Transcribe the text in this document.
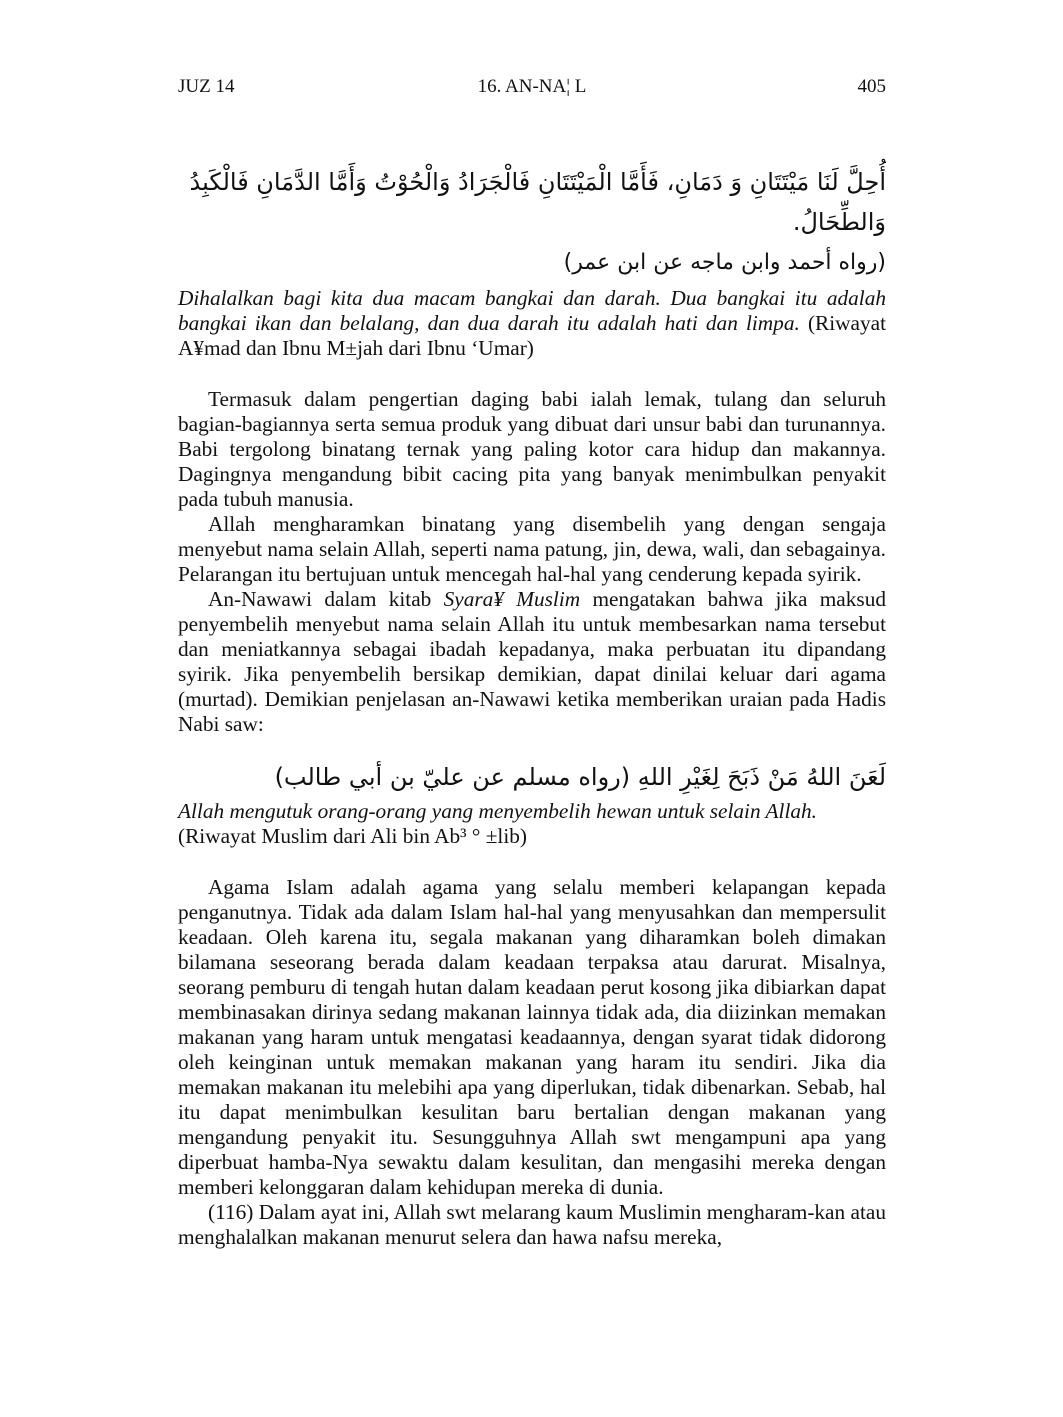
JUZ 14	16. AN-NA¦ L	405
أُحِلَّ لَنَا مَيْتَتَانِ وَ دَمَانِ، فَأَمَّا الْمَيْتَتَانِ فَالْجَرَادُ وَالْحُوْتُ وَأَمَّا الدَّمَانِ فَالْكَبِدُ وَالطِّحَالُ.
(رواه أحمد وابن ماجه عن ابن عمر)

Dihalalkan bagi kita dua macam bangkai dan darah. Dua bangkai itu adalah bangkai ikan dan belalang, dan dua darah itu adalah hati dan limpa. (Riwayat A¥mad dan Ibnu M±jah dari Ibnu ‘Umar)

Termasuk dalam pengertian daging babi ialah lemak, tulang dan seluruh bagian-bagiannya serta semua produk yang dibuat dari unsur babi dan turunannya. Babi tergolong binatang ternak yang paling kotor cara hidup dan makannya. Dagingnya mengandung bibit cacing pita yang banyak menimbulkan penyakit pada tubuh manusia.

Allah mengharamkan binatang yang disembelih yang dengan sengaja menyebut nama selain Allah, seperti nama patung, jin, dewa, wali, dan sebagainya. Pelarangan itu bertujuan untuk mencegah hal-hal yang cenderung kepada syirik.

An-Nawawi dalam kitab Syara¥ Muslim mengatakan bahwa jika maksud penyembelih menyebut nama selain Allah itu untuk membesarkan nama tersebut dan meniatkannya sebagai ibadah kepadanya, maka perbuatan itu dipandang syirik. Jika penyembelih bersikap demikian, dapat dinilai keluar dari agama (murtad). Demikian penjelasan an-Nawawi ketika memberikan uraian pada Hadis Nabi saw:

لَعَنَ اللهُ مَنْ ذَبَحَ لِغَيْرِ اللهِ (رواه مسلم عن عليّ بن أبي طالب)

Allah mengutuk orang-orang yang menyembelih hewan untuk selain Allah.
(Riwayat Muslim dari Ali bin Ab³ ° ±lib)

Agama Islam adalah agama yang selalu memberi kelapangan kepada penganutnya. Tidak ada dalam Islam hal-hal yang menyusahkan dan mempersulit keadaan. Oleh karena itu, segala makanan yang diharamkan boleh dimakan bilamana seseorang berada dalam keadaan terpaksa atau darurat. Misalnya, seorang pemburu di tengah hutan dalam keadaan perut kosong jika dibiarkan dapat membinasakan dirinya sedang makanan lainnya tidak ada, dia diizinkan memakan makanan yang haram untuk mengatasi keadaannya, dengan syarat tidak didorong oleh keinginan untuk memakan makanan yang haram itu sendiri. Jika dia memakan makanan itu melebihi apa yang diperlukan, tidak dibenarkan. Sebab, hal itu dapat menimbulkan kesulitan baru bertalian dengan makanan yang mengandung penyakit itu. Sesungguhnya Allah swt mengampuni apa yang diperbuat hamba-Nya sewaktu dalam kesulitan, dan mengasihi mereka dengan memberi kelonggaran dalam kehidupan mereka di dunia.

(116) Dalam ayat ini, Allah swt melarang kaum Muslimin mengharam-kan atau menghalalkan makanan menurut selera dan hawa nafsu mereka,
